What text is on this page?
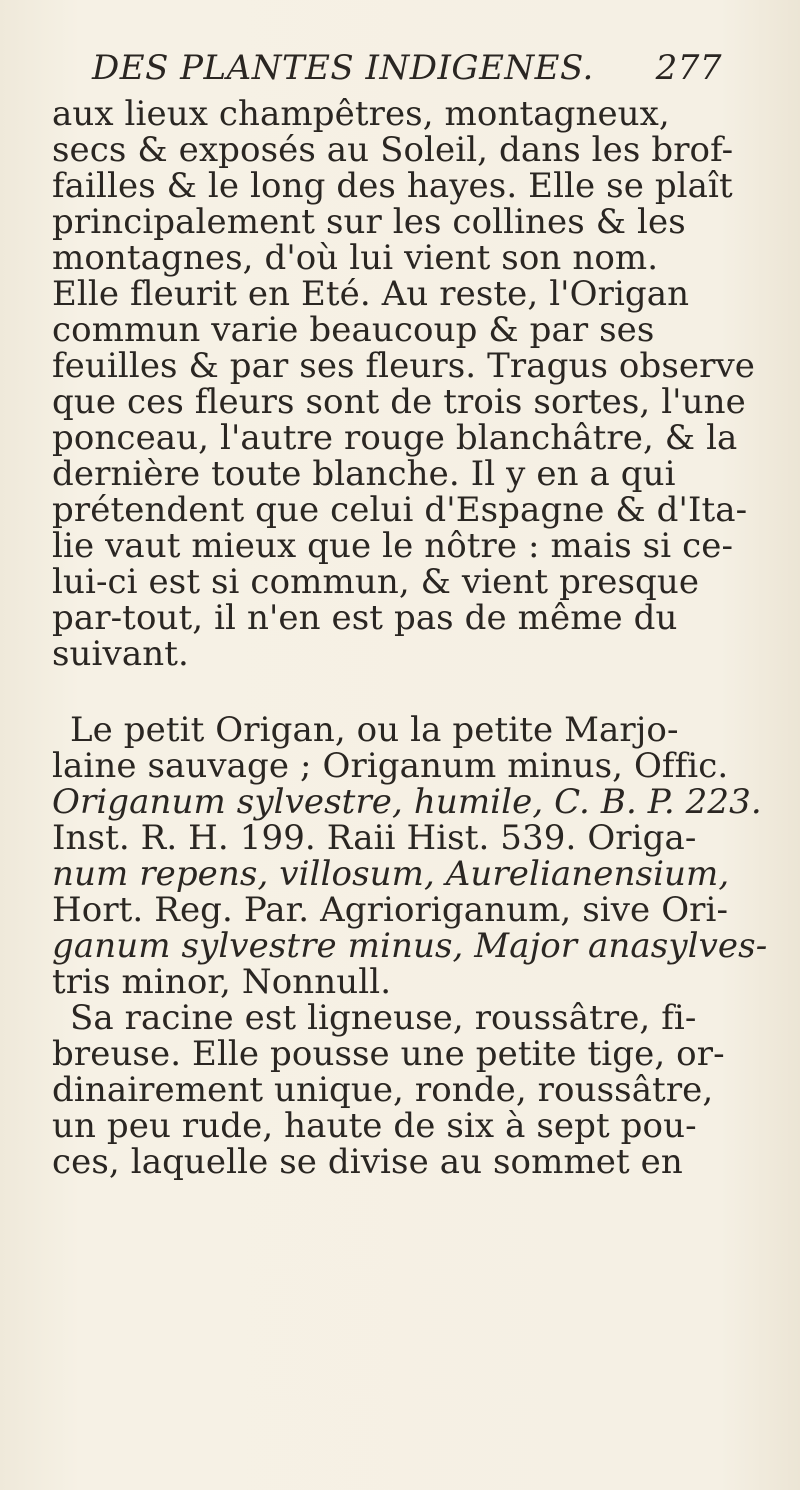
DES PLANTES INDIGENES. 277
aux lieux champêtres, montagneux,
secs & exposés au Soleil, dans les brof-
failles & le long des hayes. Elle se plaît
principalement sur les collines & les
montagnes, d'où lui vient son nom.
Elle fleurit en Eté. Au reste, l'Origan
commun varie beaucoup & par ses
feuilles & par ses fleurs. Tragus observe
que ces fleurs sont de trois sortes, l'une
ponceau, l'autre rouge blanchâtre, & la
dernière toute blanche. Il y en a qui
prétendent que celui d'Espagne & d'Ita-
lie vaut mieux que le nôtre : mais si ce-
lui-ci est si commun, & vient presque
par-tout, il n'en est pas de même du
suivant.
Le petit Origan, ou la petite Marjo-
laine sauvage ; Origanum minus, Offic.
Origanum sylvestre, humile, C. B. P. 223.
Inst. R. H. 199. Raii Hist. 539. Origa-
num repens, villosum, Aurelianensium,
Hort. Reg. Par. Agrioriganum, sive Ori-
ganum sylvestre minus, Major anasylves-
tris minor, Nonnull.
Sa racine est ligneuse, roussâtre, fi-
breuse. Elle pousse une petite tige, or-
dinairement unique, ronde, roussâtre,
un peu rude, haute de six à sept pou-
ces, laquelle se divise au sommet en
